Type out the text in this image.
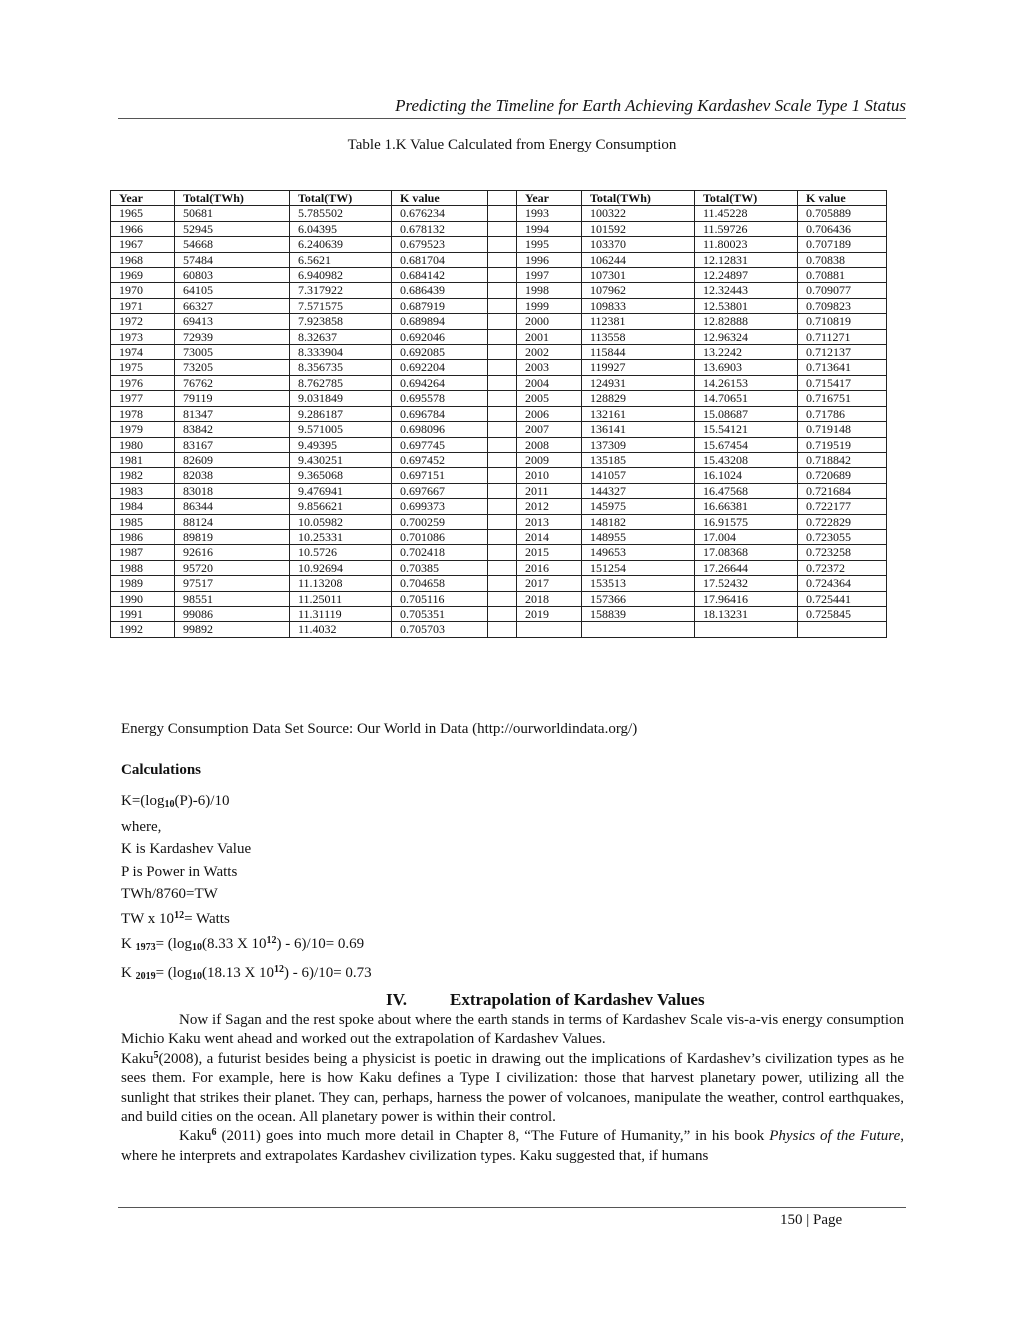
Predicting the Timeline for Earth Achieving Kardashev Scale Type 1 Status
Table 1.K Value Calculated from Energy Consumption
Year	Total(TWh)	Total(TW)	K value		Year	Total(TWh)	Total(TW)	K value
1965	50681	5.785502	0.676234		1993	100322	11.45228	0.705889
1966	52945	6.04395	0.678132		1994	101592	11.59726	0.706436
1967	54668	6.240639	0.679523		1995	103370	11.80023	0.707189
1968	57484	6.5621	0.681704		1996	106244	12.12831	0.70838
1969	60803	6.940982	0.684142		1997	107301	12.24897	0.70881
1970	64105	7.317922	0.686439		1998	107962	12.32443	0.709077
1971	66327	7.571575	0.687919		1999	109833	12.53801	0.709823
1972	69413	7.923858	0.689894		2000	112381	12.82888	0.710819
1973	72939	8.32637	0.692046		2001	113558	12.96324	0.711271
1974	73005	8.333904	0.692085		2002	115844	13.2242	0.712137
1975	73205	8.356735	0.692204		2003	119927	13.6903	0.713641
1976	76762	8.762785	0.694264		2004	124931	14.26153	0.715417
1977	79119	9.031849	0.695578		2005	128829	14.70651	0.716751
1978	81347	9.286187	0.696784		2006	132161	15.08687	0.71786
1979	83842	9.571005	0.698096		2007	136141	15.54121	0.719148
1980	83167	9.49395	0.697745		2008	137309	15.67454	0.719519
1981	82609	9.430251	0.697452		2009	135185	15.43208	0.718842
1982	82038	9.365068	0.697151		2010	141057	16.1024	0.720689
1983	83018	9.476941	0.697667		2011	144327	16.47568	0.721684
1984	86344	9.856621	0.699373		2012	145975	16.66381	0.722177
1985	88124	10.05982	0.700259		2013	148182	16.91575	0.722829
1986	89819	10.25331	0.701086		2014	148955	17.004	0.723055
1987	92616	10.5726	0.702418		2015	149653	17.08368	0.723258
1988	95720	10.92694	0.70385		2016	151254	17.26644	0.72372
1989	97517	11.13208	0.704658		2017	153513	17.52432	0.724364
1990	98551	11.25011	0.705116		2018	157366	17.96416	0.725441
1991	99086	11.31119	0.705351		2019	158839	18.13231	0.725845
1992	99892	11.4032	0.705703					
Energy Consumption Data Set Source: Our World in Data (http://ourworldindata.org/)
Calculations
$K=(\log_{10}(P)-6)/10$
where,
K is Kardashev Value
P is Power in Watts
TWh/8760=TW
TW x $10^{12}=$ Watts
K $_{1973}= (\log_{10}(8.33$ X $10^{12}) - 6)/10= 0.69$
K $_{2019}= (\log_{10}(18.13$ X $10^{12}) - 6)/10= 0.73$
IV.	Extrapolation of Kardashev Values

Now if Sagan and the rest spoke about where the earth stands in terms of Kardashev Scale vis-a-vis energy consumption Michio Kaku went ahead and worked out the extrapolation of Kardashev Values.

Kaku$^5$(2008), a futurist besides being a physicist is poetic in drawing out the implications of Kardashev’s civilization types as he sees them. For example, here is how Kaku defines a Type I civilization: those that harvest planetary power, utilizing all the sunlight that strikes their planet. They can, perhaps, harness the power of volcanoes, manipulate the weather, control earthquakes, and build cities on the ocean. All planetary power is within their control.

Kaku$^6$ (2011) goes into much more detail in Chapter 8, “The Future of Humanity,” in his book Physics of the Future, where he interprets and extrapolates Kardashev civilization types. Kaku suggested that, if humans

150 | Page
